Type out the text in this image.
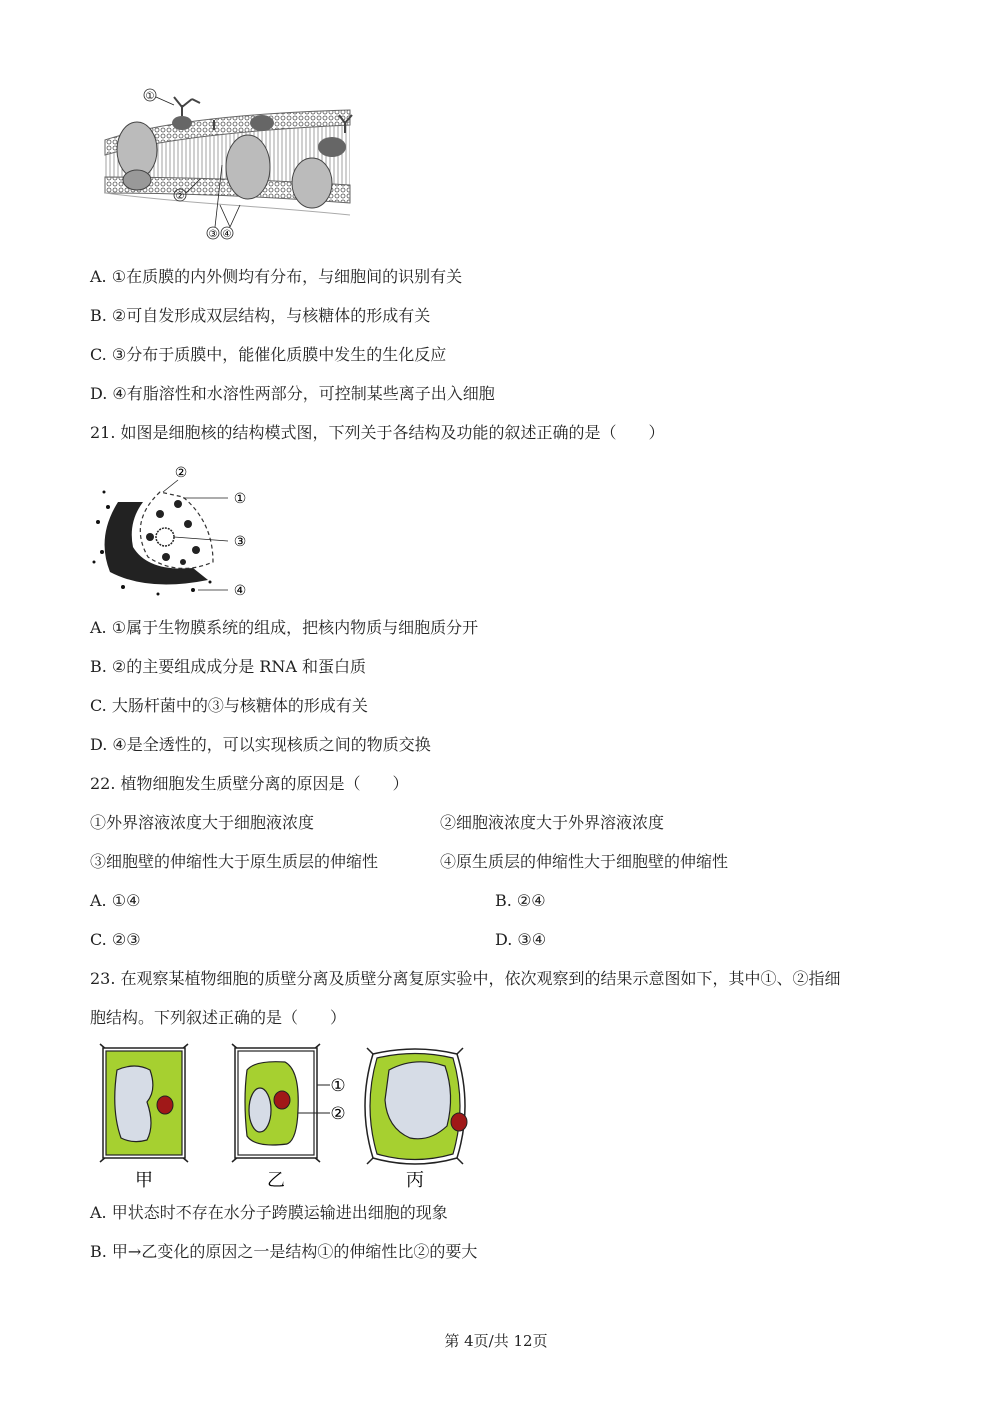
①
②
③ ④
A. ①在质膜的内外侧均有分布，与细胞间的识别有关
B. ②可自发形成双层结构，与核糖体的形成有关
C. ③分布于质膜中，能催化质膜中发生的生化反应
D. ④有脂溶性和水溶性两部分，可控制某些离子出入细胞
21. 如图是细胞核的结构模式图，下列关于各结构及功能的叙述正确的是（　　）
②
①
③
④
A. ①属于生物膜系统的组成，把核内物质与细胞质分开
B. ②的主要组成成分是 RNA 和蛋白质
C. 大肠杆菌中的③与核糖体的形成有关
D. ④是全透性的，可以实现核质之间的物质交换
22. 植物细胞发生质壁分离的原因是（　　）
①外界溶液浓度大于细胞液浓度	②细胞液浓度大于外界溶液浓度
③细胞壁的伸缩性大于原生质层的伸缩性	④原生质层的伸缩性大于细胞壁的伸缩性
A. ①④	B. ②④
C. ②③	D. ③④
23. 在观察某植物细胞的质壁分离及质壁分离复原实验中，依次观察到的结果示意图如下，其中①、②指细
胞结构。下列叙述正确的是（　　）
①
②
甲	乙	丙
A. 甲状态时不存在水分子跨膜运输进出细胞的现象
B. 甲→乙变化的原因之一是结构①的伸缩性比②的要大
第 4页/共 12页
